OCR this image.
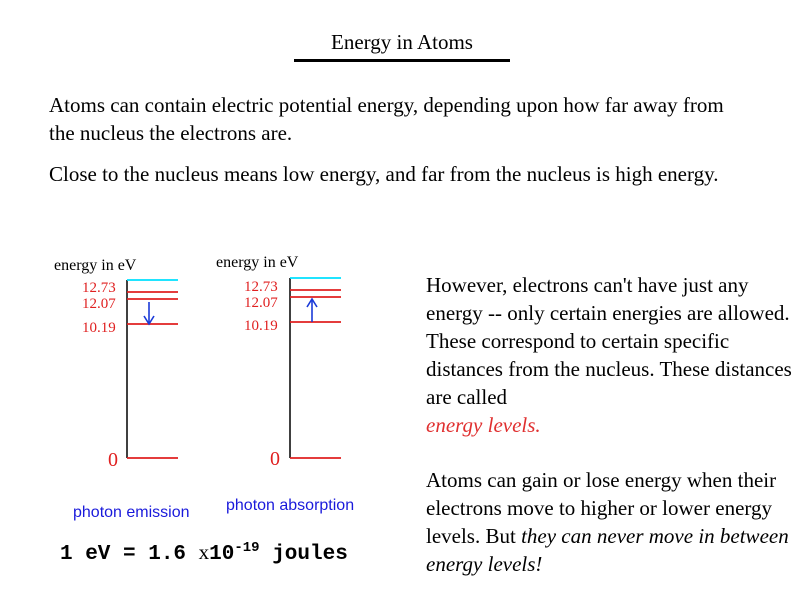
Energy in Atoms
Atoms can contain electric potential energy, depending upon how far away from the nucleus the electrons are.
Close to the nucleus means low energy, and far from the nucleus is high energy.
energy in eV
12.73
12.07
10.19
0
photon emission
energy in eV
12.73
12.07
10.19
0
photon absorption
However, electrons can't have just any energy -- only certain energies are allowed. These correspond to certain specific distances from the nucleus. These distances are called
energy levels.
Atoms can gain or lose energy when their electrons move to higher or lower energy levels. But they can never move in between energy levels!
1 eV = 1.6 $x10^{-19}$ joules
